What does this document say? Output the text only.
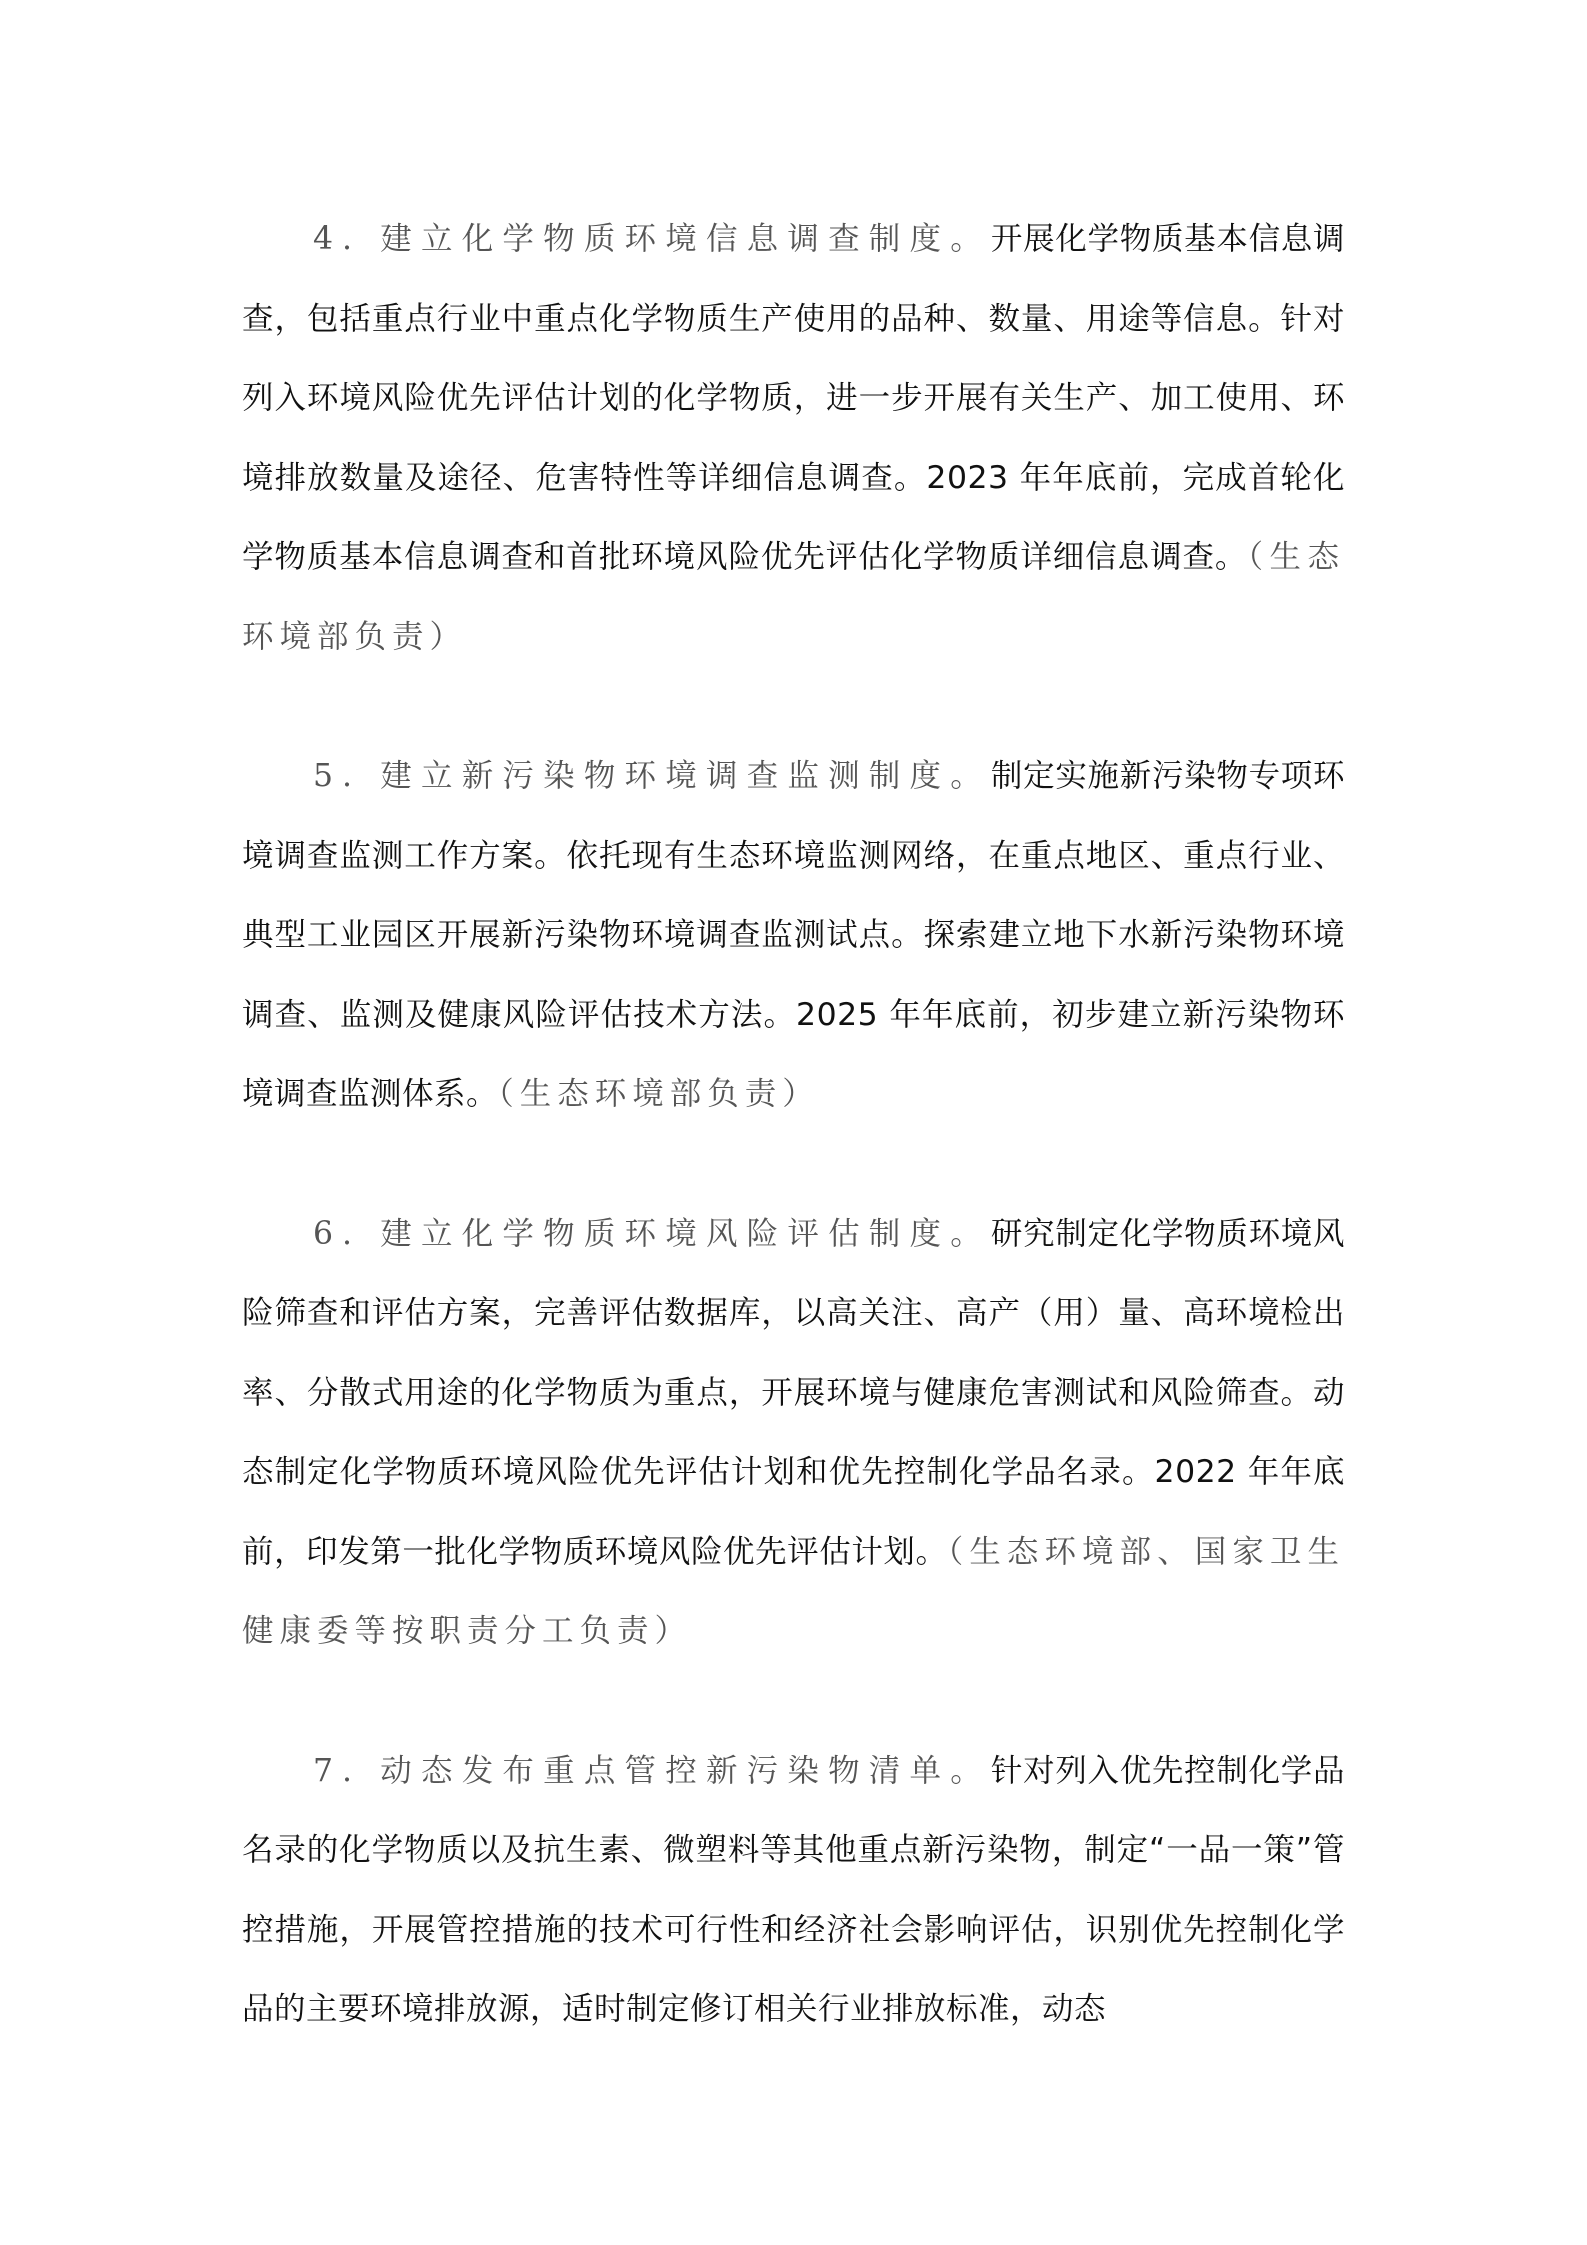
4. 建立化学物质环境信息调查制度。开展化学物质基本信息调查，包括重点行业中重点化学物质生产使用的品种、数量、用途等信息。针对列入环境风险优先评估计划的化学物质，进一步开展有关生产、加工使用、环境排放数量及途径、危害特性等详细信息调查。2023 年年底前，完成首轮化学物质基本信息调查和首批环境风险优先评估化学物质详细信息调查。（生态环境部负责）

5. 建立新污染物环境调查监测制度。制定实施新污染物专项环境调查监测工作方案。依托现有生态环境监测网络，在重点地区、重点行业、典型工业园区开展新污染物环境调查监测试点。探索建立地下水新污染物环境调查、监测及健康风险评估技术方法。2025 年年底前，初步建立新污染物环境调查监测体系。（生态环境部负责）

6. 建立化学物质环境风险评估制度。研究制定化学物质环境风险筛查和评估方案，完善评估数据库，以高关注、高产（用）量、高环境检出率、分散式用途的化学物质为重点，开展环境与健康危害测试和风险筛查。动态制定化学物质环境风险优先评估计划和优先控制化学品名录。2022 年年底前，印发第一批化学物质环境风险优先评估计划。（生态环境部、国家卫生健康委等按职责分工负责）

7. 动态发布重点管控新污染物清单。针对列入优先控制化学品名录的化学物质以及抗生素、微塑料等其他重点新污染物，制定“一品一策”管控措施，开展管控措施的技术可行性和经济社会影响评估，识别优先控制化学品的主要环境排放源，适时制定修订相关行业排放标准，动态
